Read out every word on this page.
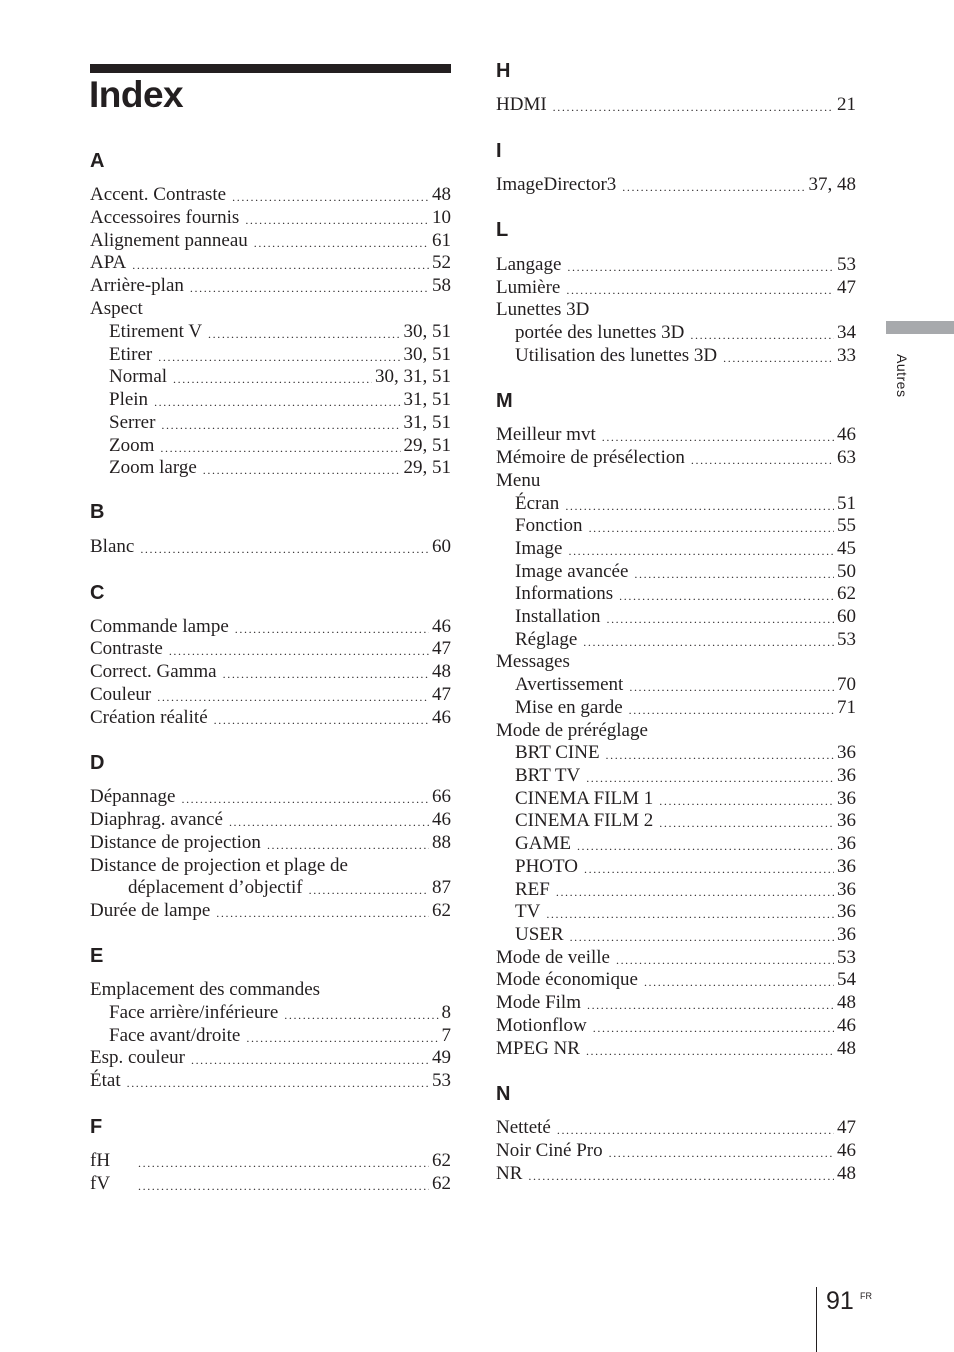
Index
A
Accent. Contraste .....	48
Accessoires fournis .....	10
Alignement panneau .....	61
APA .....	52
Arrière-plan .....	58
Aspect
Etirement V .....	30, 51
Etirer .....	30, 51
Normal .....	30, 31, 51
Plein .....	31, 51
Serrer .....	31, 51
Zoom .....	29, 51
Zoom large .....	29, 51
B
Blanc .....	60
C
Commande lampe .....	46
Contraste .....	47
Correct. Gamma .....	48
Couleur .....	47
Création réalité .....	46
D
Dépannage .....	66
Diaphrag. avancé .....	46
Distance de projection .....	88
Distance de projection et plage de
déplacement d’objectif .....	87
Durée de lampe .....	62
E
Emplacement des commandes
Face arrière/inférieure .....	8
Face avant/droite .....	7
Esp. couleur .....	49
État .....	53
F
fH .....	62
fV .....	62
H
HDMI .....	21
I
ImageDirector3 .....	37, 48
L
Langage .....	53
Lumière .....	47
Lunettes 3D
portée des lunettes 3D .....	34
Utilisation des lunettes 3D .....	33
M
Meilleur mvt .....	46
Mémoire de présélection .....	63
Menu
Écran .....	51
Fonction .....	55
Image .....	45
Image avancée .....	50
Informations .....	62
Installation .....	60
Réglage .....	53
Messages
Avertissement .....	70
Mise en garde .....	71
Mode de préréglage
BRT CINE .....	36
BRT TV .....	36
CINEMA FILM 1 .....	36
CINEMA FILM 2 .....	36
GAME .....	36
PHOTO .....	36
REF .....	36
TV .....	36
USER .....	36
Mode de veille .....	53
Mode économique .....	54
Mode Film .....	48
Motionflow .....	46
MPEG NR .....	48
N
Netteté .....	47
Noir Ciné Pro .....	46
NR .....	48
Autres
91 FR
